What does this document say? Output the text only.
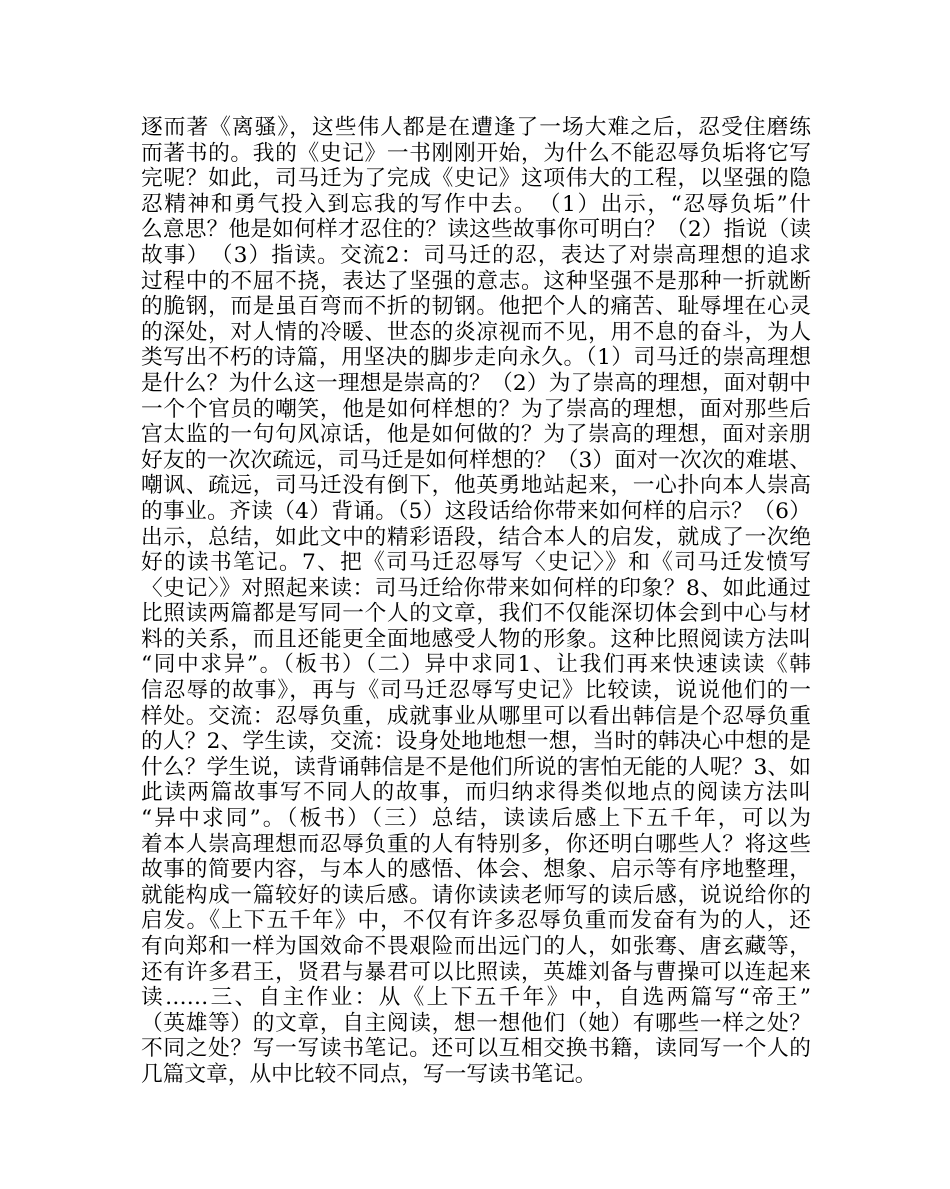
逐而著《离骚》，这些伟人都是在遭逢了一场大难之后，忍受住磨练
而著书的。我的《史记》一书刚刚开始，为什么不能忍辱负垢将它写
完呢？如此，司马迁为了完成《史记》这项伟大的工程，以坚强的隐
忍精神和勇气投入到忘我的写作中去。　（1）出示，“忍辱负垢”什
么意思？他是如何样才忍住的？读这些故事你可明白？（2）指说（读
故事）　（3）指读。交流2：司马迁的忍，表达了对崇高理想的追求
过程中的不屈不挠，表达了坚强的意志。这种坚强不是那种一折就断
的脆钢，而是虽百弯而不折的韧钢。他把个人的痛苦、耻辱埋在心灵
的深处，对人情的冷暖、世态的炎凉视而不见，用不息的奋斗，为人
类写出不朽的诗篇，用坚决的脚步走向永久。（1）司马迁的崇高理想
是什么？为什么这一理想是崇高的？（2）为了崇高的理想，面对朝中
一个个官员的嘲笑，他是如何样想的？为了崇高的理想，面对那些后
宫太监的一句句风凉话，他是如何做的？为了崇高的理想，面对亲朋
好友的一次次疏远，司马迁是如何样想的？（3）面对一次次的难堪、
嘲讽、疏远，司马迁没有倒下，他英勇地站起来，一心扑向本人崇高
的事业。齐读（4）背诵。（5）这段话给你带来如何样的启示？（6）
出示，总结，如此文中的精彩语段，结合本人的启发，就成了一次绝
好的读书笔记。7、把《司马迁忍辱写〈史记〉》和《司马迁发愤写
〈史记〉》对照起来读：司马迁给你带来如何样的印象？8、如此通过
比照读两篇都是写同一个人的文章，我们不仅能深切体会到中心与材
料的关系，而且还能更全面地感受人物的形象。这种比照阅读方法叫
“同中求异”。（板书）（二）异中求同1、让我们再来快速读读《韩
信忍辱的故事》，再与《司马迁忍辱写史记》比较读，说说他们的一
样处。交流：忍辱负重，成就事业从哪里可以看出韩信是个忍辱负重
的人？2、学生读，交流：设身处地地想一想，当时的韩决心中想的是
什么？学生说，读背诵韩信是不是他们所说的害怕无能的人呢？3、如
此读两篇故事写不同人的故事，而归纳求得类似地点的阅读方法叫
“异中求同”。（板书）（三）总结，读读后感上下五千年，可以为
着本人崇高理想而忍辱负重的人有特别多，你还明白哪些人？将这些
故事的简要内容，与本人的感悟、体会、想象、启示等有序地整理，
就能构成一篇较好的读后感。请你读读老师写的读后感，说说给你的
启发。《上下五千年》中，不仅有许多忍辱负重而发奋有为的人，还
有向郑和一样为国效命不畏艰险而出远门的人，如张骞、唐玄藏等，
还有许多君王，贤君与暴君可以比照读，英雄刘备与曹操可以连起来
读……三、自主作业：从《上下五千年》中，自选两篇写“帝王”
（英雄等）的文章，自主阅读，想一想他们（她）有哪些一样之处？
不同之处？写一写读书笔记。还可以互相交换书籍，读同写一个人的
几篇文章，从中比较不同点，写一写读书笔记。
